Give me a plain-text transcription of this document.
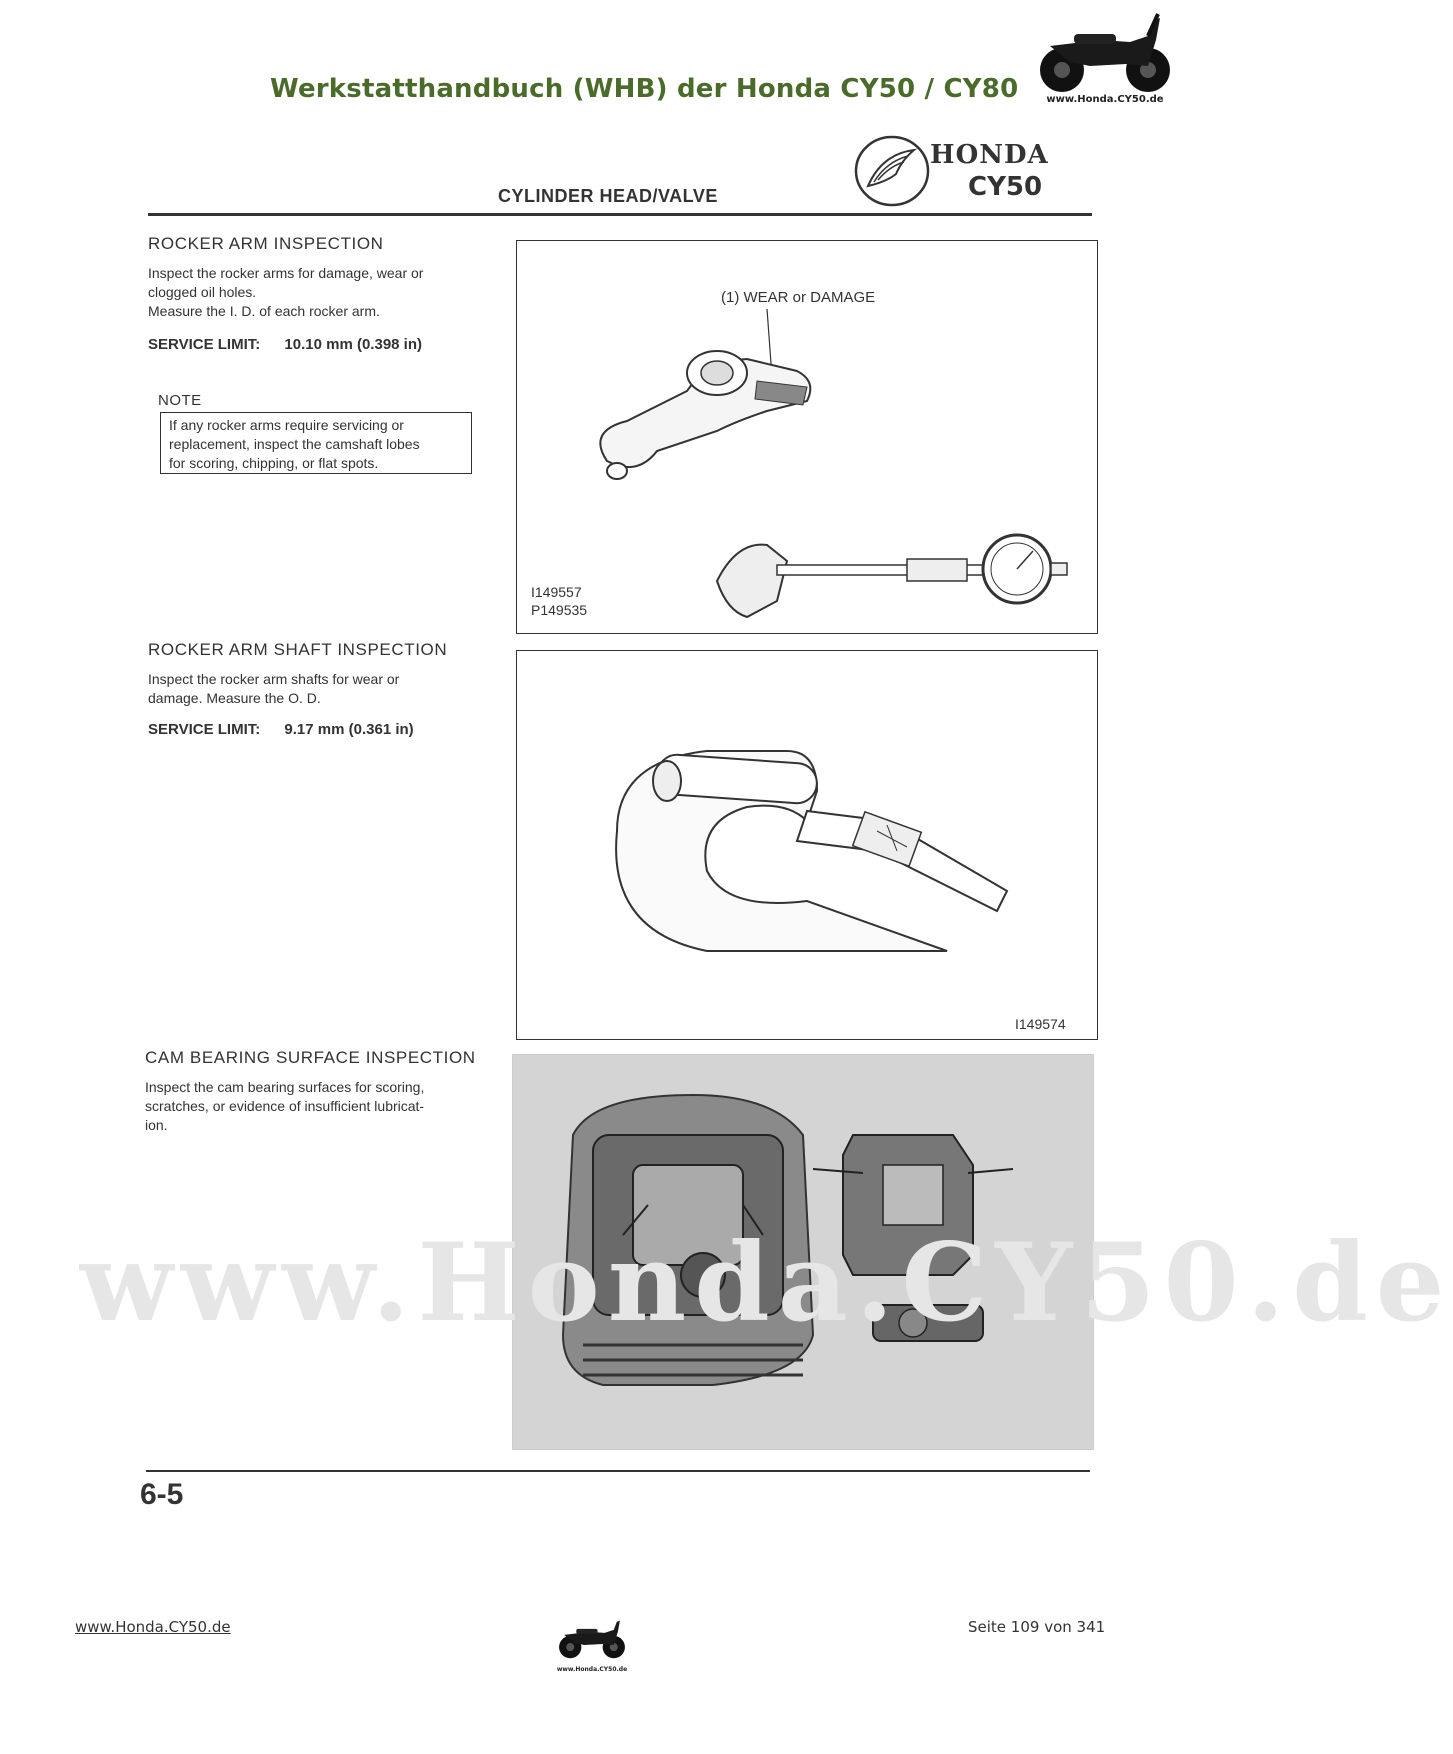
Werkstatthandbuch (WHB) der Honda CY50 / CY80	www.Honda.CY50.de
HONDA
CY50
CYLINDER HEAD/VALVE
ROCKER ARM INSPECTION
Inspect the rocker arms for damage, wear or
clogged oil holes.
Measure the I. D. of each rocker arm.
SERVICE LIMIT: 10.10 mm (0.398 in)
NOTE
If any rocker arms require servicing or
replacement, inspect the camshaft lobes
for scoring, chipping, or flat spots.
(1) WEAR or DAMAGE
I149557
P149535
ROCKER ARM SHAFT INSPECTION
Inspect the rocker arm shafts for wear or
damage. Measure the O. D.
SERVICE LIMIT: 9.17 mm (0.361 in)
I149574
CAM BEARING SURFACE INSPECTION
Inspect the cam bearing surfaces for scoring,
scratches, or evidence of insufficient lubricat-
ion.
www.Honda.CY50.de
6-5
www.Honda.CY50.de
www.Honda.CY50.de
Seite 109 von 341
